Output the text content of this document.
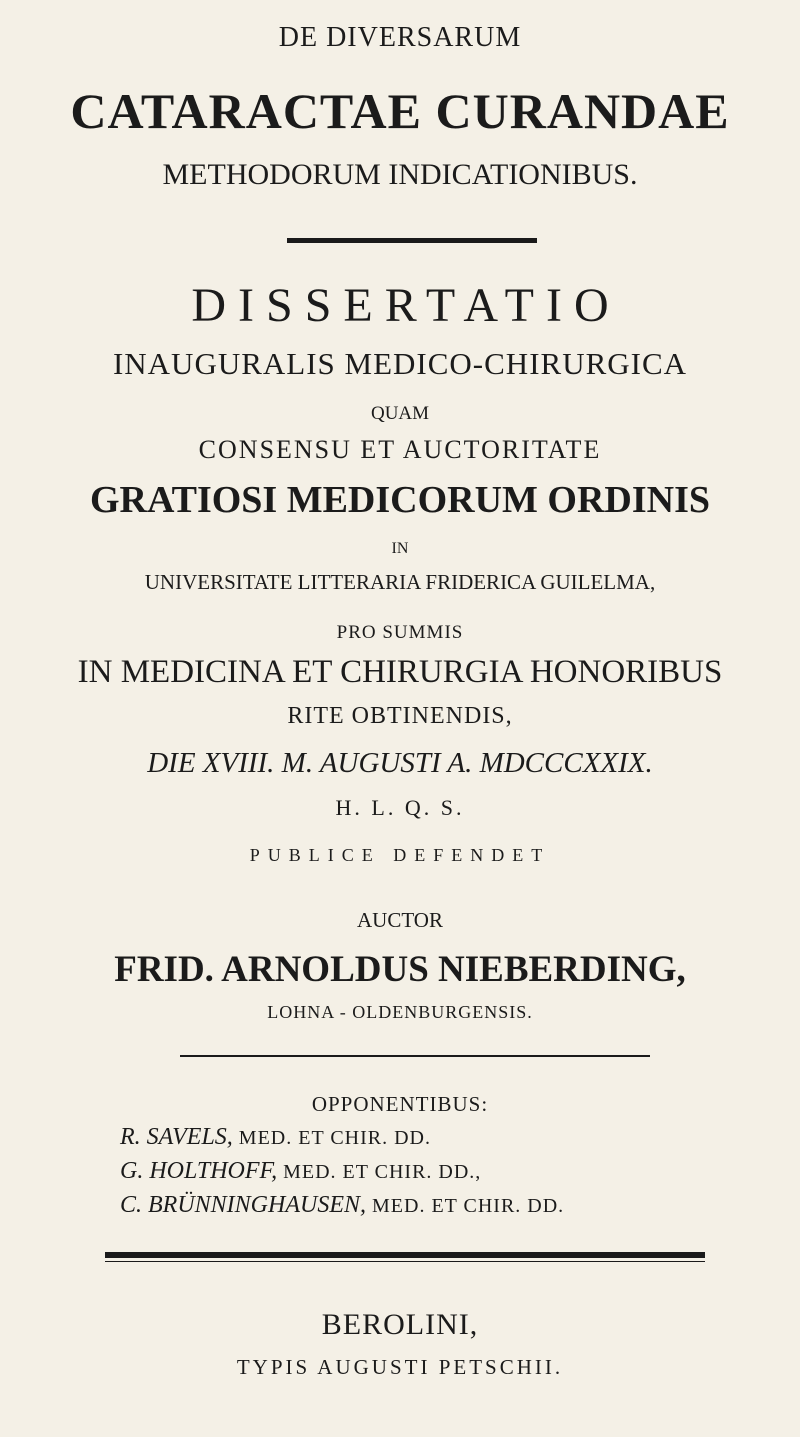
DE DIVERSARUM
CATARACTAE CURANDAE
METHODORUM INDICATIONIBUS.
DISSERTATIO
INAUGURALIS MEDICO-CHIRURGICA
QUAM
CONSENSU ET AUCTORITATE
GRATIOSI MEDICORUM ORDINIS
IN
UNIVERSITATE LITTERARIA FRIDERICA GUILELMA,
PRO SUMMIS
IN MEDICINA ET CHIRURGIA HONORIBUS
RITE OBTINENDIS,
DIE XVIII. M. AUGUSTI A. MDCCCXXIX.
H. L. Q. S.
PUBLICE DEFENDET
AUCTOR
FRID. ARNOLDUS NIEBERDING,
LOHNA - OLDENBURGENSIS.
OPPONENTIBUS:
R. SAVELS, MED. ET CHIR. DD.
G. HOLTHOFF, MED. ET CHIR. DD.,
C. BRÜNNINGHAUSEN, MED. ET CHIR. DD.
BEROLINI,
TYPIS AUGUSTI PETSCHII.
